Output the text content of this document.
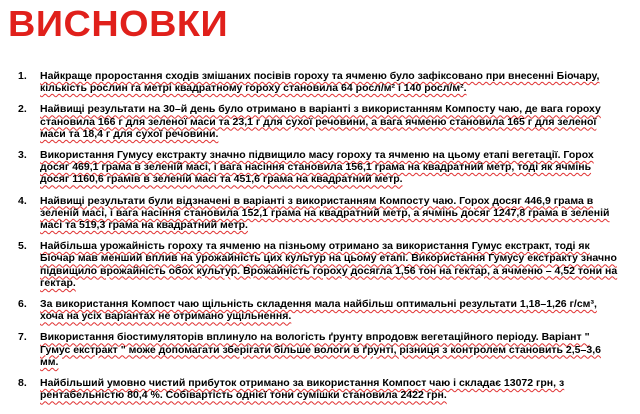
ВИСНОВКИ
1.	Найкраще проростання сходів змішаних посівів гороху та ячменю було зафіксовано при внесенні Біочару, кількість рослин га метрі квадратному гороху становила 64 росл/м² і 140 росл/м².
2.	Найвищі результати на 30–й день було отримано в варіанті з використанням Компосту чаю, де вага гороху становила 166 г для зеленої маси та 23,1 г для сухої речовини, а вага ячменю становила 165 г для зеленої маси та 18,4 г для сухої речовини.
3.	Використання Гумусу екстракту значно підвищило масу гороху та ячменю на цьому етапі вегетації. Горох досяг 469,1 грама в зеленій масі, і вага насіння становила 156,1 грама на квадратний метр, тоді як ячмінь досяг 1160,6 грамів в зеленій масі та 451,6 грама на квадратний метр.
4.	Найвищі результати були відзначені в варіанті з використанням Компосту чаю. Горох досяг 446,9 грама в зеленій масі, і вага насіння становила 152,1 грама на квадратний метр, а ячмінь досяг 1247,8 грама в зеленій масі та 519,3 грама на квадратний метр.
5.	Найбільша урожайність гороху та ячменю на пізньому отримано за використання Гумус екстракт, тоді як Біочар мав менший вплив на урожайність цих культур на цьому етапі. Використання Гумусу екстракту значно підвищило врожайність обох культур. Врожайність гороху досягла 1,56 тон на гектар, а ячменю – 4,52 тони на гектар.
6.	За використання Компост чаю щільність складення мала найбільш оптимальні результати 1,18–1,26 г/см³, хоча на усіх варіантах не отримано ущільнення.
7.	Використання біостимуляторів вплинуло на вологість ґрунту впродовж вегетаційного періоду. Варіант " Гумус екстракт " може допомагати зберігати більше вологи в ґрунті, різниця з контролем становить 2,5–3,6 мм.
8.	Найбільший умовно чистий прибуток отримано за використання Компост чаю і складає 13072 грн, з рентабельністю 80,4 %. Собівартість однієї тони сумішки становила 2422 грн.
